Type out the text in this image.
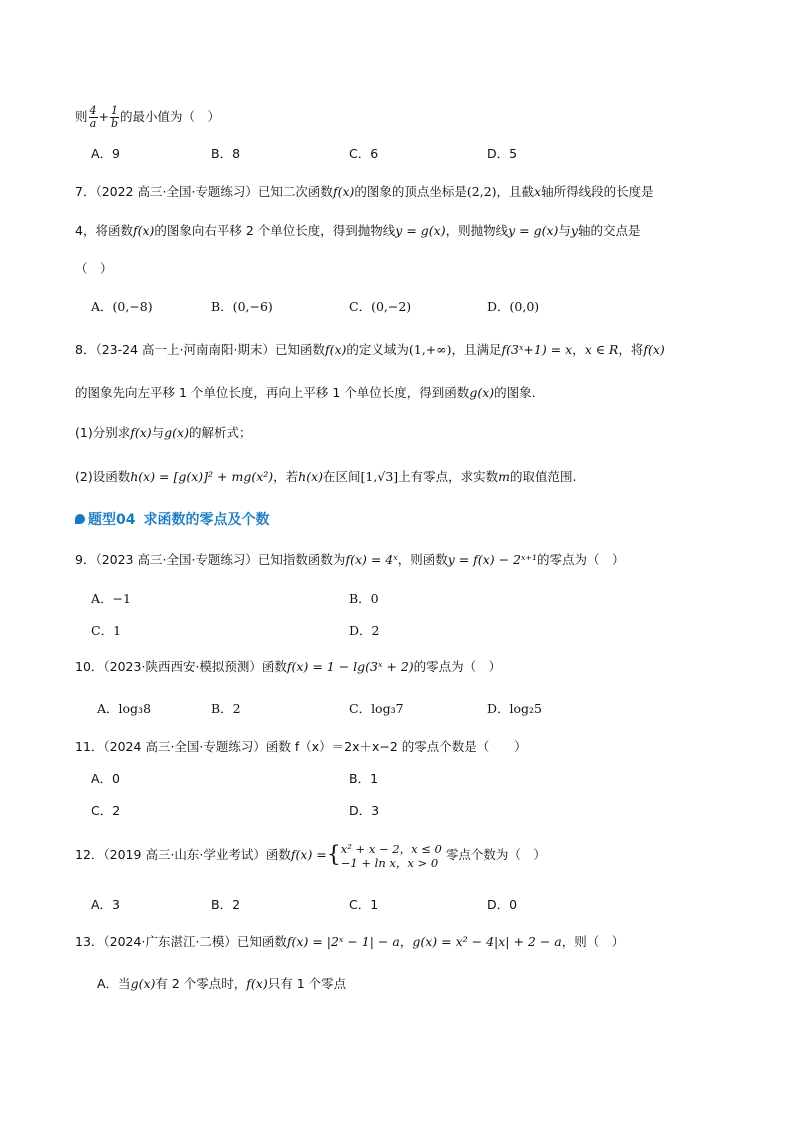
则 $\frac{4}{a} + \frac{1}{b}$ 的最小值为（　）
A．9	B．8	C．6	D．5
7．（2022 高三·全国·专题练习）已知二次函数f(x)的图象的顶点坐标是(2,2)，且截x轴所得线段的长度是
4，将函数f(x)的图象向右平移 2 个单位长度，得到抛物线y = g(x)，则抛物线y = g(x)与y轴的交点是
（　）
A．(0,−8)	B．(0,−6)	C．(0,−2)	D．(0,0)
8．（23-24 高一上·河南南阳·期末）已知函数f(x)的定义域为(1,+∞)，且满足f(3ˣ+1) = x，x ∈ R，将f(x)
的图象先向左平移 1 个单位长度，再向上平移 1 个单位长度，得到函数g(x)的图象.
(1)分别求f(x)与g(x)的解析式；
(2)设函数h(x) = [g(x)]² + mg(x²)，若h(x)在区间[1,√3]上有零点，求实数m的取值范围.
题型04 求函数的零点及个数
9．（2023 高三·全国·专题练习）已知指数函数为f(x) = 4ˣ，则函数y = f(x) − 2ˣ⁺¹的零点为（　）
A．−1	B．0
C．1	D．2
10．（2023·陕西西安·模拟预测）函数f(x) = 1 − lg(3ˣ + 2)的零点为（　）
A．log₃8	B．2	C．log₃7	D．log₂5
11．（2024 高三·全国·专题练习）函数 f（x）＝2x＋x−2 的零点个数是（　　）
A．0	B．1
C．2	D．3
12．（2019 高三·山东·学业考试）函数f(x) ={ x² + x − 2，x ≤ 0
−1 + ln x，x > 0
零点个数为（　）
A．3	B．2	C．1	D．0
13．（2024·广东湛江·二模）已知函数f(x) = |2ˣ − 1| − a，g(x) = x² − 4|x| + 2 − a，则（　）
A．当g(x)有 2 个零点时，f(x)只有 1 个零点
